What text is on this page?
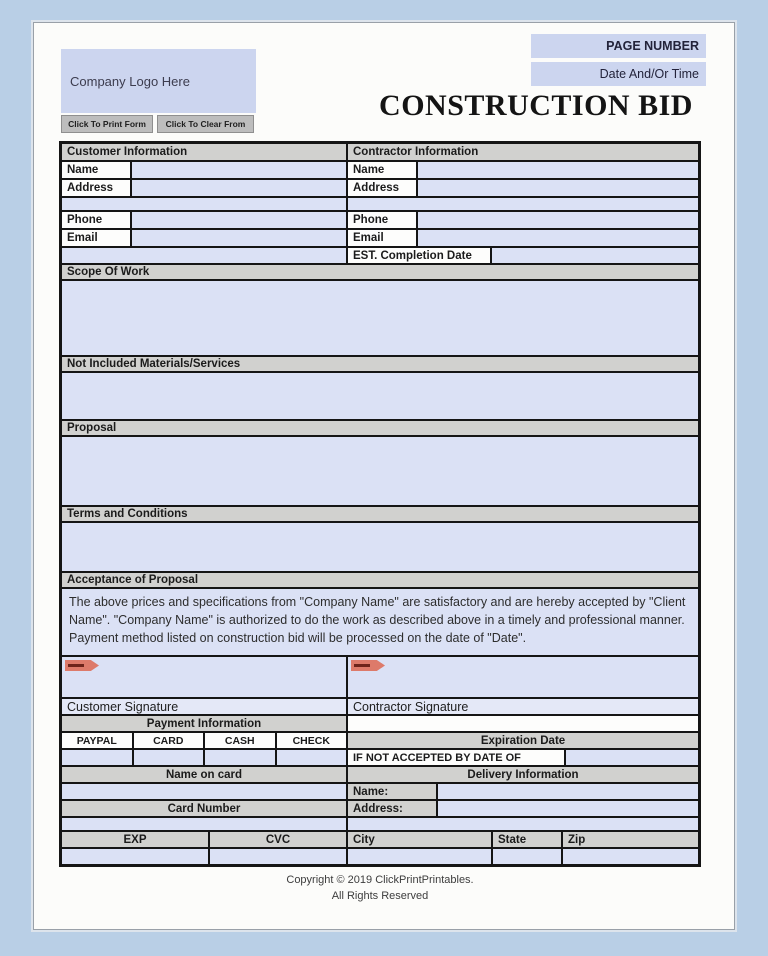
Company Logo Here
PAGE NUMBER
Date And/Or Time
Click To Print Form	Click To Clear From
CONSTRUCTION BID
Customer Information	Contractor Information
Name	Name
Address	Address
Phone	Phone
Email	Email
EST. Completion Date
Scope Of Work
Not Included Materials/Services
Proposal
Terms and Conditions
Acceptance of Proposal
The above prices and specifications from "Company Name" are satisfactory and are hereby accepted by "Client Name". "Company Name" is authorized to do the work as described above in a timely and professional manner. Payment method listed on construction bid will be processed on the date of "Date".
Customer Signature	Contractor Signature
Payment Information
PAYPAL	CARD	CASH	CHECK	Expiration Date
IF NOT ACCEPTED BY DATE OF
Name on card	Delivery Information
Name:
Card Number	Address:
EXP	CVC	City	State	Zip
Copyright © 2019 ClickPrintPrintables.
All Rights Reserved
